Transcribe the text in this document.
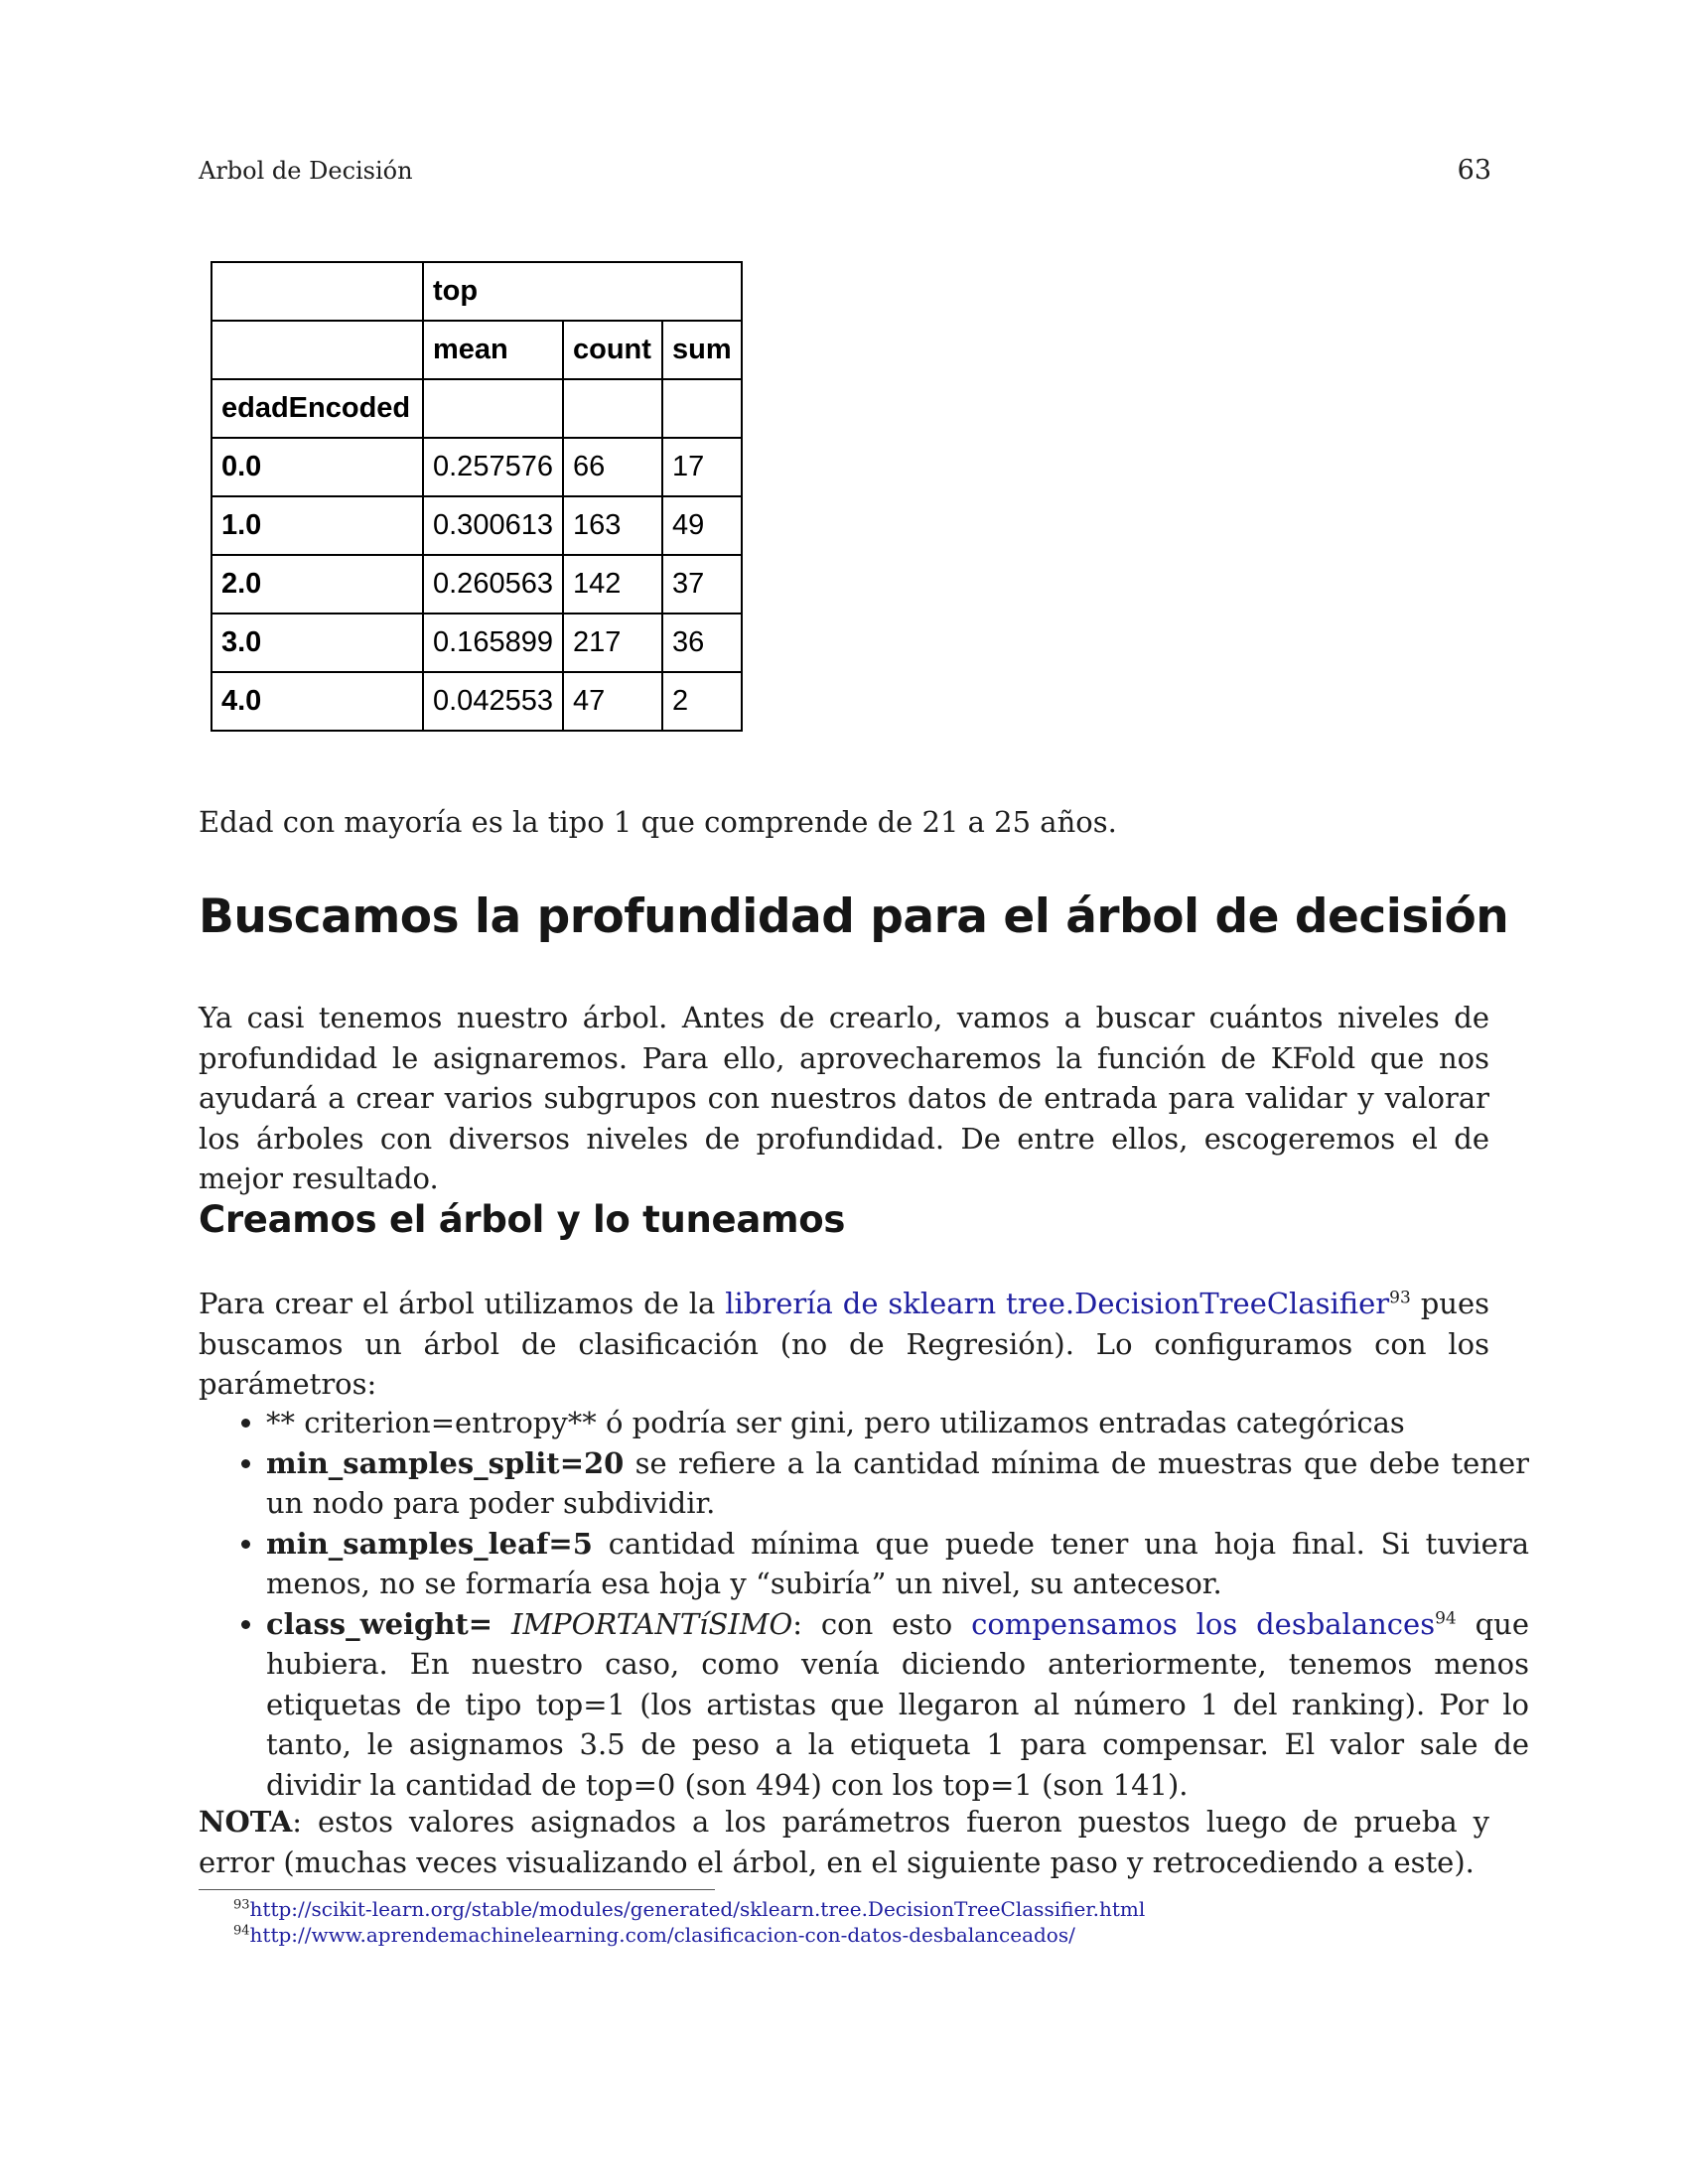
Arbol de Decisión	63
	top		
	mean	count	sum
edadEncoded			
0.0	0.257576	66	17
1.0	0.300613	163	49
2.0	0.260563	142	37
3.0	0.165899	217	36
4.0	0.042553	47	2

Edad con mayoría es la tipo 1 que comprende de 21 a 25 años.

Buscamos la profundidad para el árbol de decisión

Ya casi tenemos nuestro árbol. Antes de crearlo, vamos a buscar cuántos niveles de profundidad le asignaremos. Para ello, aprovecharemos la función de KFold que nos ayudará a crear varios subgrupos con nuestros datos de entrada para validar y valorar los árboles con diversos niveles de profundidad. De entre ellos, escogeremos el de mejor resultado.

Creamos el árbol y lo tuneamos

Para crear el árbol utilizamos de la librería de sklearn tree.DecisionTreeClasifier$^{93}$ pues buscamos un árbol de clasificación (no de Regresión). Lo configuramos con los parámetros:

• ** criterion=entropy** ó podría ser gini, pero utilizamos entradas categóricas
• min_samples_split=20 se refiere a la cantidad mínima de muestras que debe tener un nodo para poder subdividir.
• min_samples_leaf=5 cantidad mínima que puede tener una hoja final. Si tuviera menos, no se formaría esa hoja y “subiría” un nivel, su antecesor.
• class_weight= IMPORTANTíSIMO: con esto compensamos los desbalances$^{94}$ que hubiera. En nuestro caso, como venía diciendo anteriormente, tenemos menos etiquetas de tipo top=1 (los artistas que llegaron al número 1 del ranking). Por lo tanto, le asignamos 3.5 de peso a la etiqueta 1 para compensar. El valor sale de dividir la cantidad de top=0 (son 494) con los top=1 (son 141).

NOTA: estos valores asignados a los parámetros fueron puestos luego de prueba y error (muchas veces visualizando el árbol, en el siguiente paso y retrocediendo a este).

$^{93}$http://scikit-learn.org/stable/modules/generated/sklearn.tree.DecisionTreeClassifier.html
$^{94}$http://www.aprendemachinelearning.com/clasificacion-con-datos-desbalanceados/
